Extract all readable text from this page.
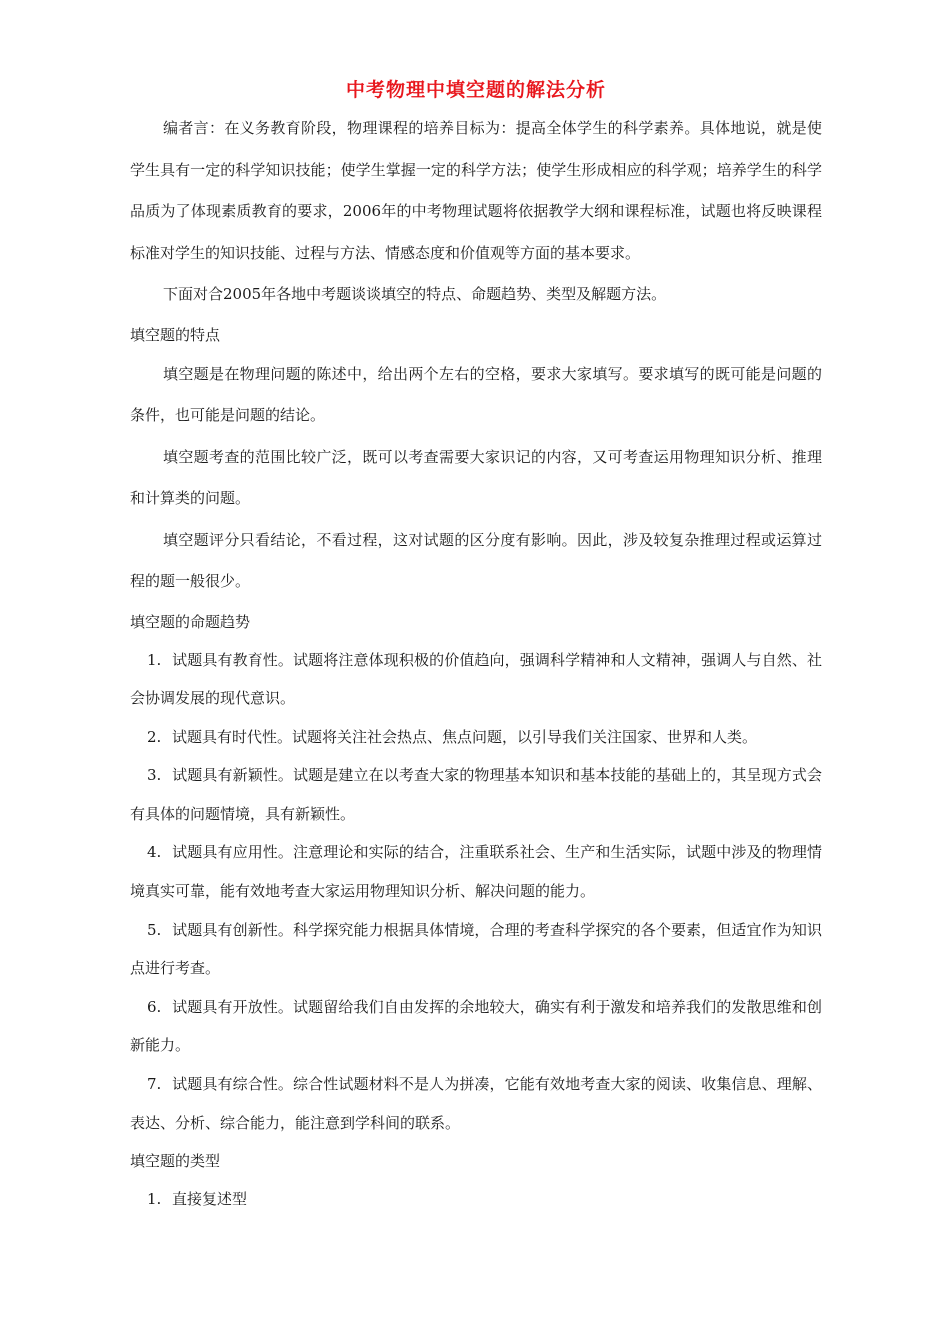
中考物理中填空题的解法分析

编者言：在义务教育阶段，物理课程的培养目标为：提高全体学生的科学素养。具体地说，就是使学生具有一定的科学知识技能；使学生掌握一定的科学方法；使学生形成相应的科学观；培养学生的科学品质为了体现素质教育的要求，2006年的中考物理试题将依据教学大纲和课程标准，试题也将反映课程标准对学生的知识技能、过程与方法、情感态度和价值观等方面的基本要求。

下面对合2005年各地中考题谈谈填空的特点、命题趋势、类型及解题方法。

填空题的特点

填空题是在物理问题的陈述中，给出两个左右的空格，要求大家填写。要求填写的既可能是问题的条件，也可能是问题的结论。

填空题考查的范围比较广泛，既可以考查需要大家识记的内容，又可考查运用物理知识分析、推理和计算类的问题。

填空题评分只看结论，不看过程，这对试题的区分度有影响。因此，涉及较复杂推理过程或运算过程的题一般很少。

填空题的命题趋势

1. 试题具有教育性。试题将注意体现积极的价值趋向，强调科学精神和人文精神，强调人与自然、社会协调发展的现代意识。

2. 试题具有时代性。试题将关注社会热点、焦点问题，以引导我们关注国家、世界和人类。

3. 试题具有新颖性。试题是建立在以考查大家的物理基本知识和基本技能的基础上的，其呈现方式会有具体的问题情境，具有新颖性。

4. 试题具有应用性。注意理论和实际的结合，注重联系社会、生产和生活实际，试题中涉及的物理情境真实可靠，能有效地考查大家运用物理知识分析、解决问题的能力。

5. 试题具有创新性。科学探究能力根据具体情境，合理的考查科学探究的各个要素，但适宜作为知识点进行考查。

6. 试题具有开放性。试题留给我们自由发挥的余地较大，确实有利于激发和培养我们的发散思维和创新能力。

7. 试题具有综合性。综合性试题材料不是人为拼凑，它能有效地考查大家的阅读、收集信息、理解、表达、分析、综合能力，能注意到学科间的联系。

填空题的类型

1. 直接复述型
